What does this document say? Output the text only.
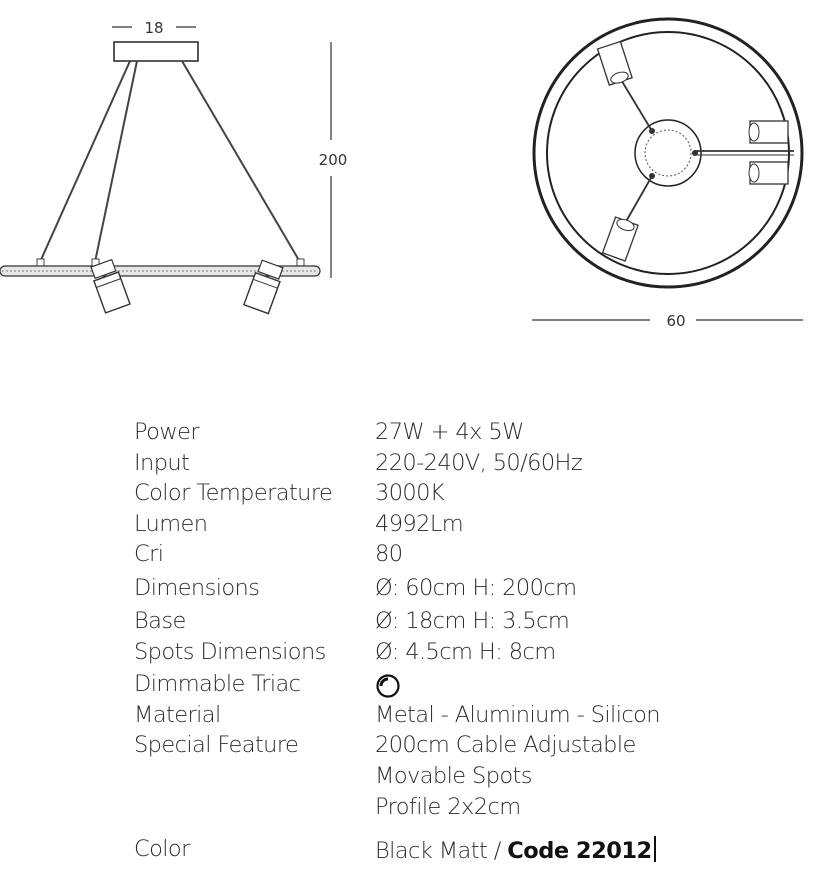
18
200
60
Power	27W + 4x 5W
Input	220-240V, 50/60Hz
Color Temperature 3000K
Lumen	4992Lm
Cri	80
Dimensions	Ø: 60cm H: 200cm
Base	Ø: 18cm H: 3.5cm
Spots Dimensions Ø: 4.5cm H: 8cm
Dimmable Triac
Material	Metal - Aluminium - Silicon
Special Feature	200cm Cable Adjustable
Movable Spots
Profile 2x2cm
Color	Black Matt / Code 22012
